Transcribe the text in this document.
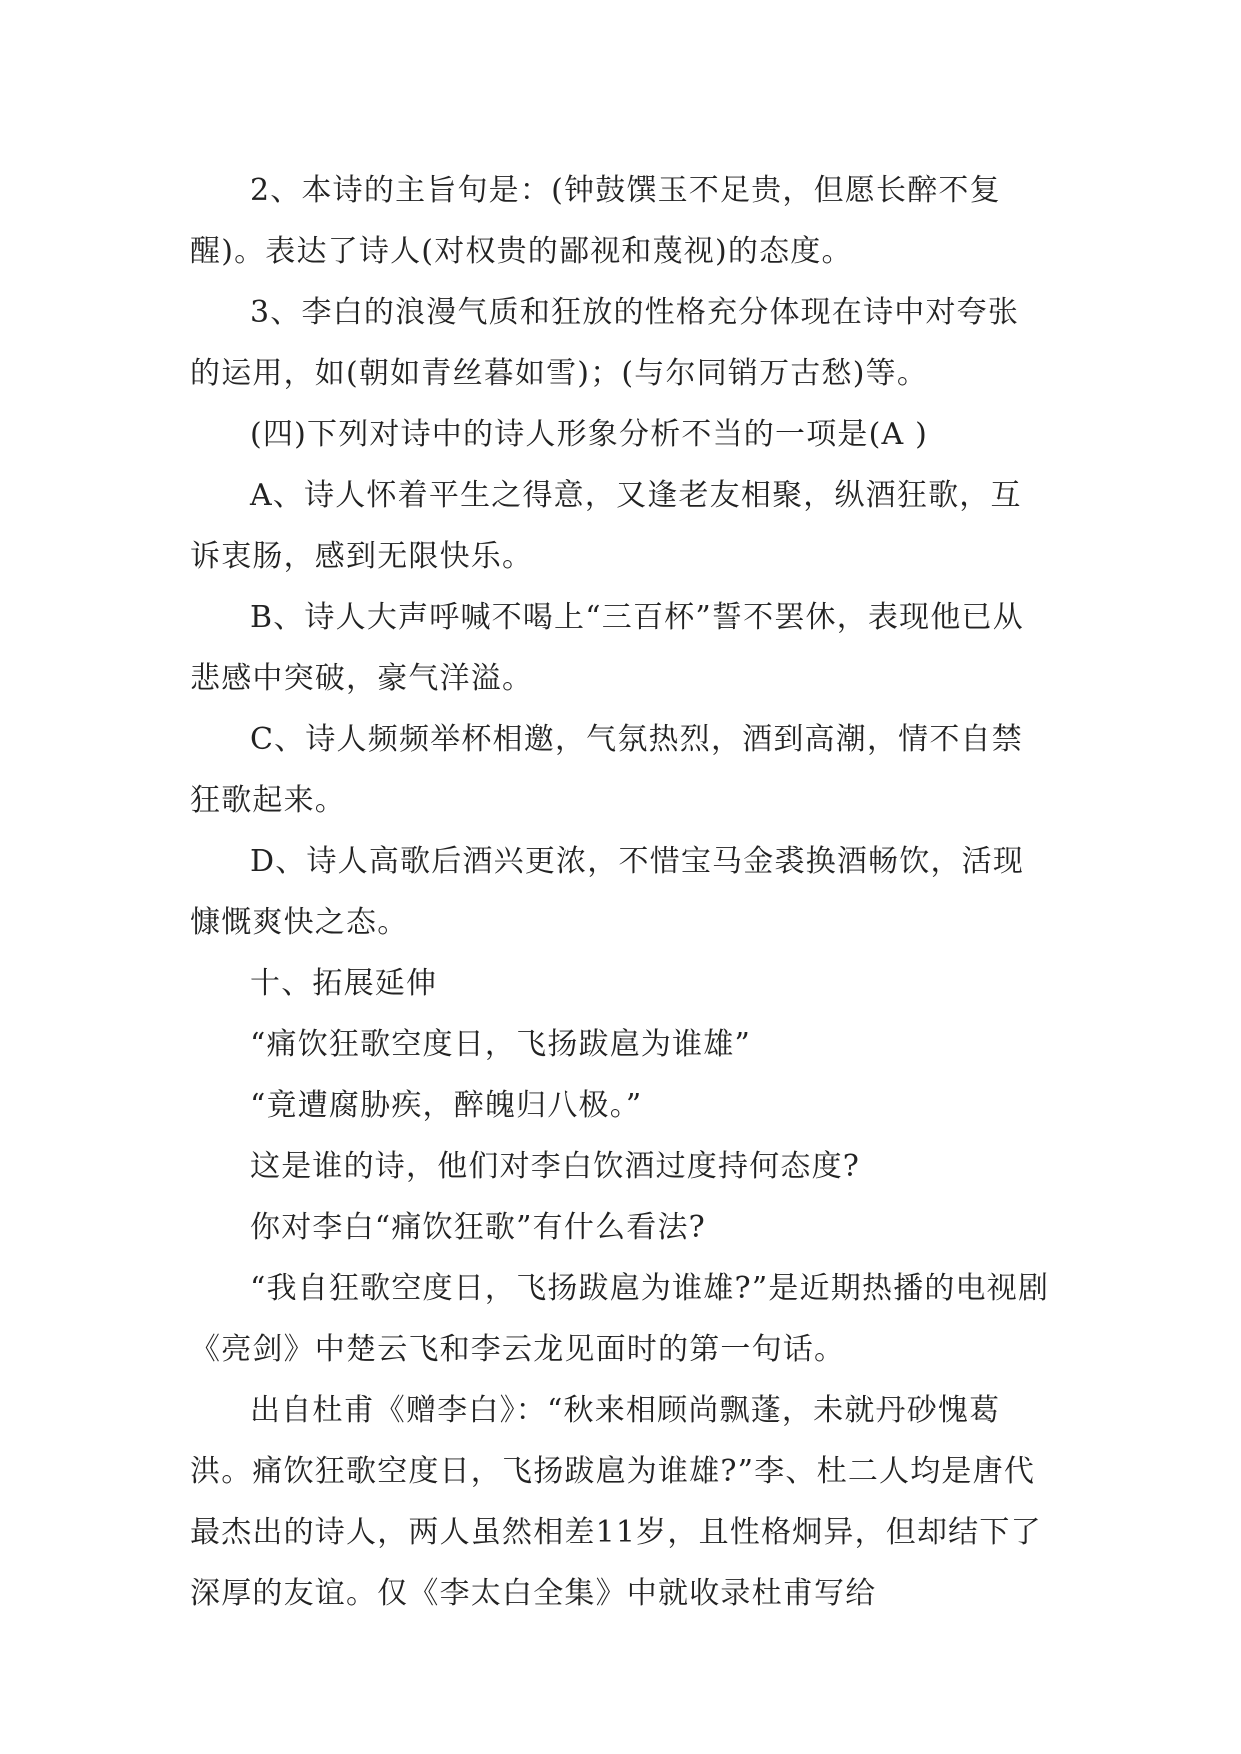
2、本诗的主旨句是：(钟鼓馔玉不足贵，但愿长醉不复醒)。表达了诗人(对权贵的鄙视和蔑视)的态度。

3、李白的浪漫气质和狂放的性格充分体现在诗中对夸张的运用，如(朝如青丝暮如雪)；(与尔同销万古愁)等。

(四)下列对诗中的诗人形象分析不当的一项是(A )

A、诗人怀着平生之得意，又逢老友相聚，纵酒狂歌，互诉衷肠，感到无限快乐。

B、诗人大声呼喊不喝上“三百杯”誓不罢休，表现他已从悲感中突破，豪气洋溢。

C、诗人频频举杯相邀，气氛热烈，酒到高潮，情不自禁狂歌起来。

D、诗人高歌后酒兴更浓，不惜宝马金裘换酒畅饮，活现慷慨爽快之态。

十、拓展延伸

“痛饮狂歌空度日，飞扬跋扈为谁雄”

“竟遭腐胁疾，醉魄归八极。”

这是谁的诗，他们对李白饮酒过度持何态度?

你对李白“痛饮狂歌”有什么看法?

“我自狂歌空度日，飞扬跋扈为谁雄?”是近期热播的电视剧《亮剑》中楚云飞和李云龙见面时的第一句话。

出自杜甫《赠李白》：“秋来相顾尚飘蓬，未就丹砂愧葛洪。痛饮狂歌空度日，飞扬跋扈为谁雄?”李、杜二人均是唐代最杰出的诗人，两人虽然相差11岁，且性格炯异，但却结下了深厚的友谊。仅《李太白全集》中就收录杜甫写给
